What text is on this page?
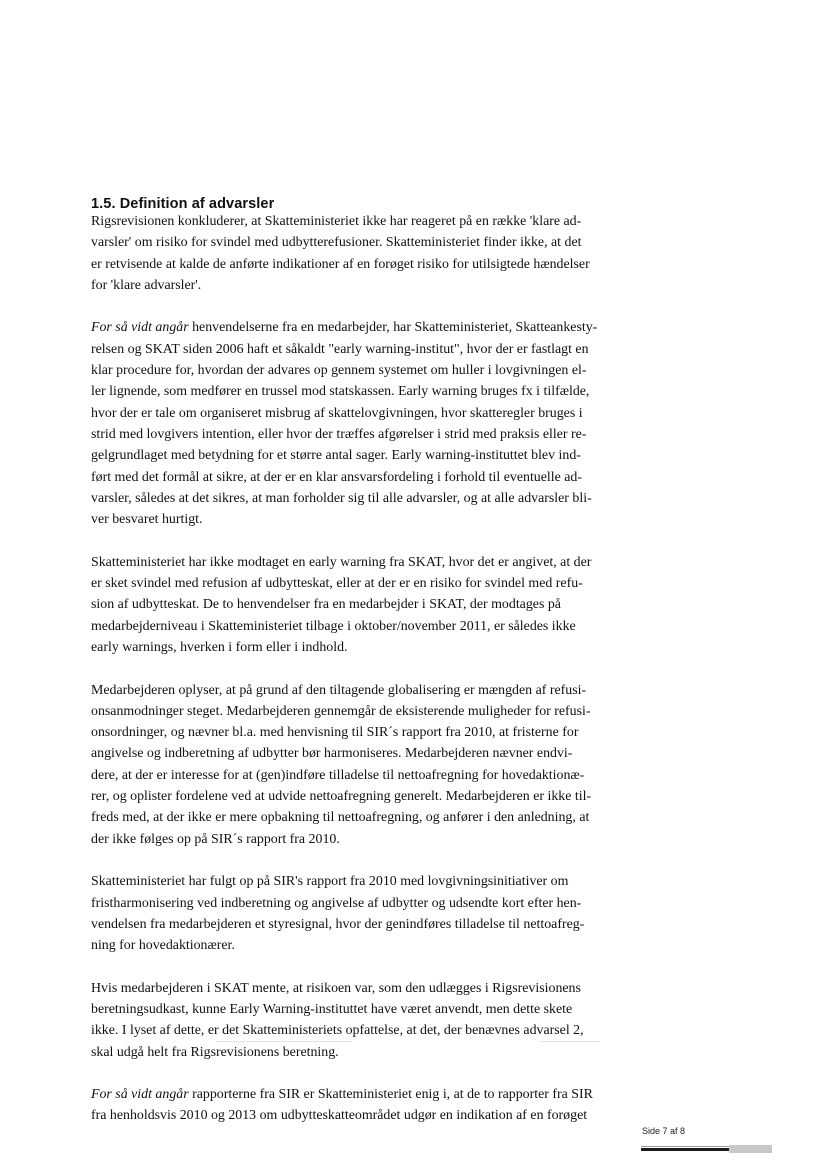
1.5. Definition af advarsler

Rigsrevisionen konkluderer, at Skatteministeriet ikke har reageret på en række 'klare ad-
varsler' om risiko for svindel med udbytterefusioner. Skatteministeriet finder ikke, at det
er retvisende at kalde de anførte indikationer af en forøget risiko for utilsigtede hændelser
for 'klare advarsler'.

For så vidt angår henvendelserne fra en medarbejder, har Skatteministeriet, Skatteankesty-
relsen og SKAT siden 2006 haft et såkaldt "early warning-institut", hvor der er fastlagt en
klar procedure for, hvordan der advares op gennem systemet om huller i lovgivningen el-
ler lignende, som medfører en trussel mod statskassen. Early warning bruges fx i tilfælde,
hvor der er tale om organiseret misbrug af skattelovgivningen, hvor skatteregler bruges i
strid med lovgivers intention, eller hvor der træffes afgørelser i strid med praksis eller re-
gelgrundlaget med betydning for et større antal sager. Early warning-instituttet blev ind-
ført med det formål at sikre, at der er en klar ansvarsfordeling i forhold til eventuelle ad-
varsler, således at det sikres, at man forholder sig til alle advarsler, og at alle advarsler bli-
ver besvaret hurtigt.

Skatteministeriet har ikke modtaget en early warning fra SKAT, hvor det er angivet, at der
er sket svindel med refusion af udbytteskat, eller at der er en risiko for svindel med refu-
sion af udbytteskat. De to henvendelser fra en medarbejder i SKAT, der modtages på
medarbejderniveau i Skatteministeriet tilbage i oktober/november 2011, er således ikke
early warnings, hverken i form eller i indhold.

Medarbejderen oplyser, at på grund af den tiltagende globalisering er mængden af refusi-
onsanmodninger steget. Medarbejderen gennemgår de eksisterende muligheder for refusi-
onsordninger, og nævner bl.a. med henvisning til SIR´s rapport fra 2010, at fristerne for
angivelse og indberetning af udbytter bør harmoniseres. Medarbejderen nævner endvi-
dere, at der er interesse for at (gen)indføre tilladelse til nettoafregning for hovedaktionæ-
rer, og oplister fordelene ved at udvide nettoafregning generelt. Medarbejderen er ikke til-
freds med, at der ikke er mere opbakning til nettoafregning, og anfører i den anledning, at
der ikke følges op på SIR´s rapport fra 2010.

Skatteministeriet har fulgt op på SIR's rapport fra 2010 med lovgivningsinitiativer om
fristharmonisering ved indberetning og angivelse af udbytter og udsendte kort efter hen-
vendelsen fra medarbejderen et styresignal, hvor der genindføres tilladelse til nettoafreg-
ning for hovedaktionærer.

Hvis medarbejderen i SKAT mente, at risikoen var, som den udlægges i Rigsrevisionens
beretningsudkast, kunne Early Warning-instituttet have været anvendt, men dette skete
ikke. I lyset af dette, er det Skatteministeriets opfattelse, at det, der benævnes advarsel 2,
skal udgå helt fra Rigsrevisionens beretning.

For så vidt angår rapporterne fra SIR er Skatteministeriet enig i, at de to rapporter fra SIR
fra henholdsvis 2010 og 2013 om udbytteskatteområdet udgør en indikation af en forøget

Side 7 af 8
